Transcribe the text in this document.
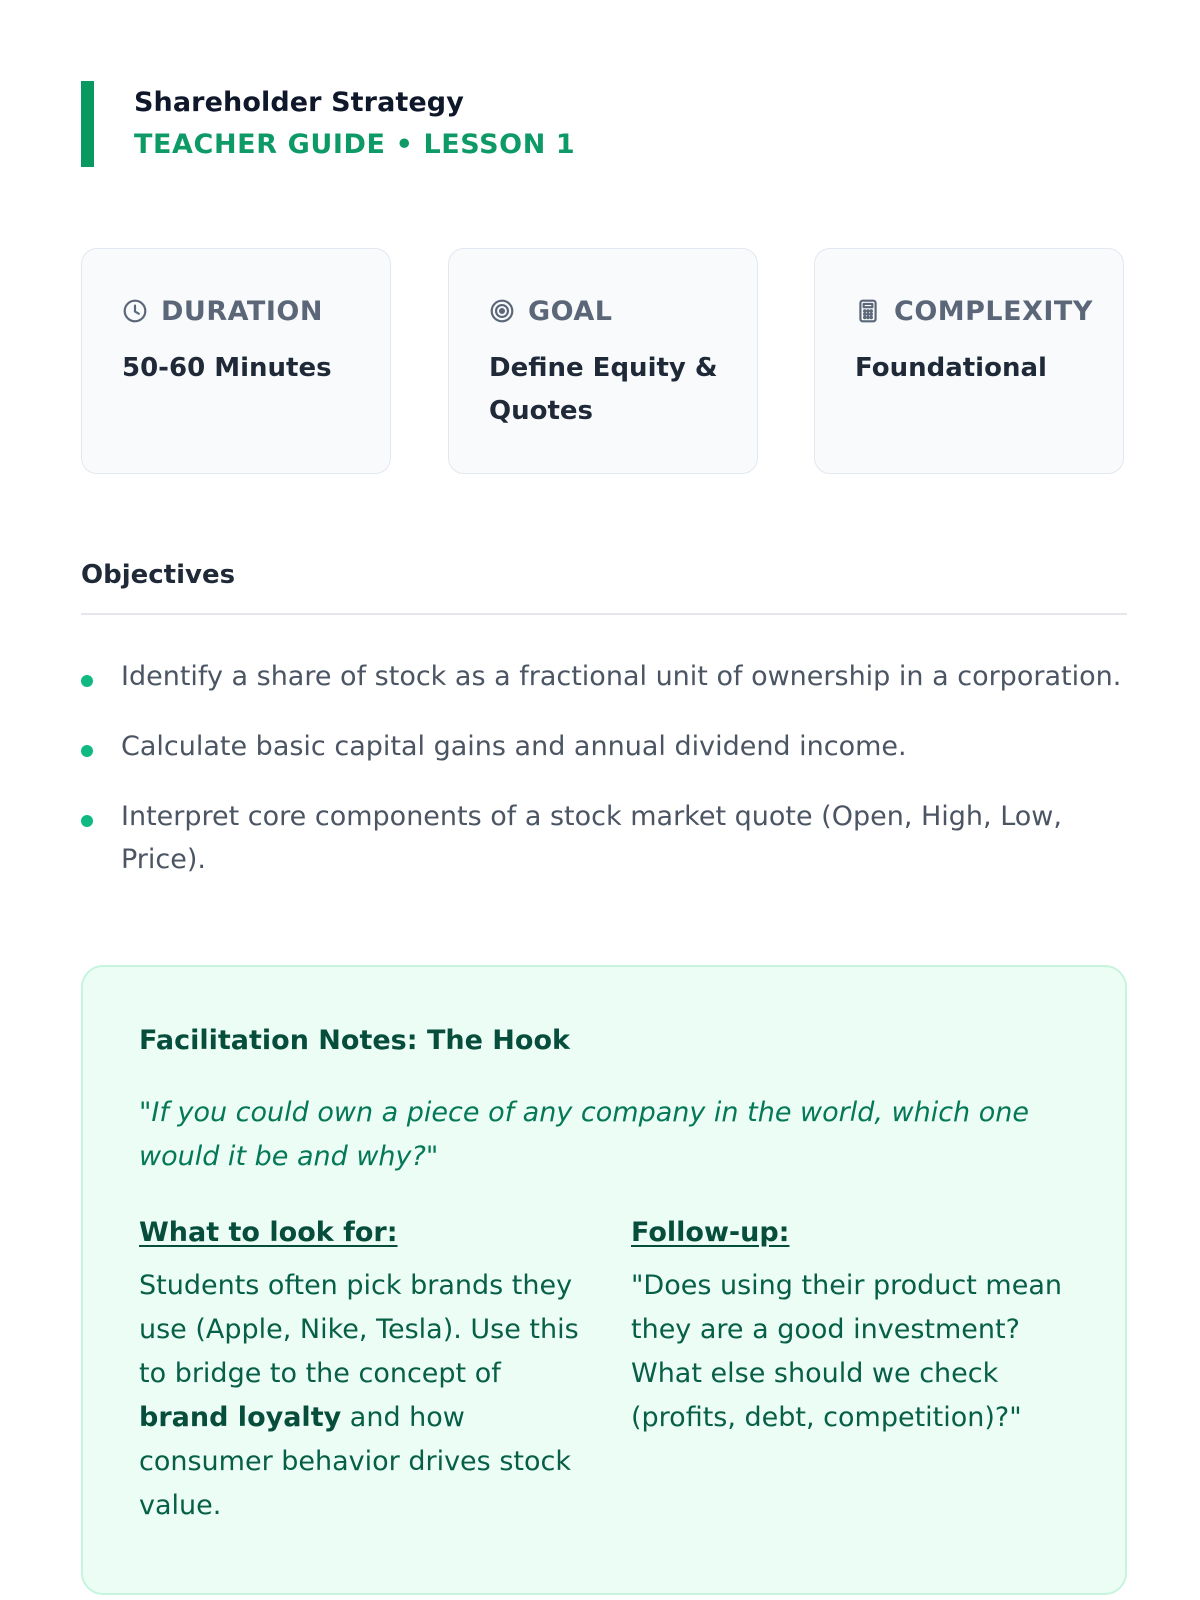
Shareholder Strategy
TEACHER GUIDE • LESSON 1
DURATION
50-60 Minutes
GOAL
Define Equity & Quotes
COMPLEXITY
Foundational
Objectives
Identify a share of stock as a fractional unit of ownership in a corporation.
Calculate basic capital gains and annual dividend income.
Interpret core components of a stock market quote (Open, High, Low, Price).
Facilitation Notes: The Hook
"If you could own a piece of any company in the world, which one would it be and why?"
What to look for:
Students often pick brands they use (Apple, Nike, Tesla). Use this to bridge to the concept of brand loyalty and how consumer behavior drives stock value.
Follow-up:
"Does using their product mean they are a good investment? What else should we check (profits, debt, competition)?"
